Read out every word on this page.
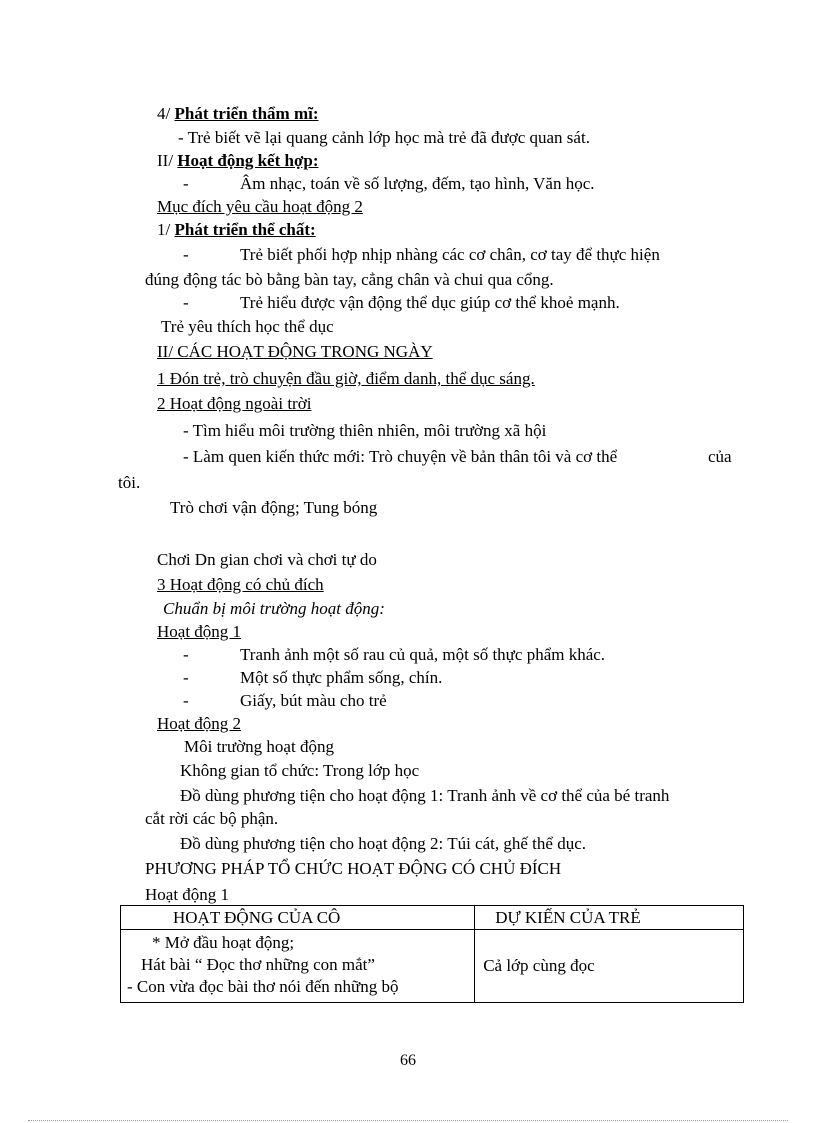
4/ Phát triển thẩm mĩ:
- Trẻ biết vẽ lại quang cảnh lớp học mà trẻ đã được quan sát.
II/ Hoạt động kết hợp:
-	Âm nhạc, toán về số lượng, đếm, tạo hình, Văn học.
Mục đích yêu cầu hoạt động 2
1/ Phát triển thể chất:
-	Trẻ biết phối hợp nhịp nhàng các cơ chân, cơ tay để thực hiện
đúng động tác bò bằng bàn tay, cẳng chân và chui qua cổng.
-	Trẻ hiểu được vận động thể dục giúp cơ thể khoẻ mạnh.
Trẻ yêu thích học thể dục
II/ CÁC HOẠT ĐỘNG TRONG NGÀY
1 Đón trẻ, trò chuyện đầu giờ, điểm danh, thể dục sáng.
2 Hoạt động ngoài trời
- Tìm hiểu môi trường thiên nhiên, môi trường xã hội
- Làm quen kiến thức mới: Trò chuyện về bản thân tôi và cơ thể	của
tôi.
Trò chơi vận động; Tung bóng
Chơi Dn gian chơi và chơi tự do
3 Hoạt động có chủ đích
Chuẩn bị môi trường hoạt động:
Hoạt động 1
-	Tranh ảnh một số rau củ quả, một số thực phẩm khác.
-	Một số thực phẩm sống, chín.
-	Giấy, bút màu cho trẻ
Hoạt động 2
Môi trường hoạt động
Không gian tổ chức: Trong lớp học
Đồ dùng phương tiện cho hoạt động 1: Tranh ảnh về cơ thể của bé tranh
cắt rời các bộ phận.
Đồ dùng phương tiện cho hoạt động 2: Túi cát, ghế thể dục.
PHƯƠNG PHÁP TỔ CHỨC HOẠT ĐỘNG CÓ CHỦ ĐÍCH
Hoạt động 1
HOẠT ĐỘNG CỦA CÔ	DỰ KIẾN CỦA TRẺ

* Mở đầu hoạt động;
Hát bài “ Đọc thơ những con mắt”
- Con vừa đọc bài thơ nói đến những bộ	Cả lớp cùng đọc
66
